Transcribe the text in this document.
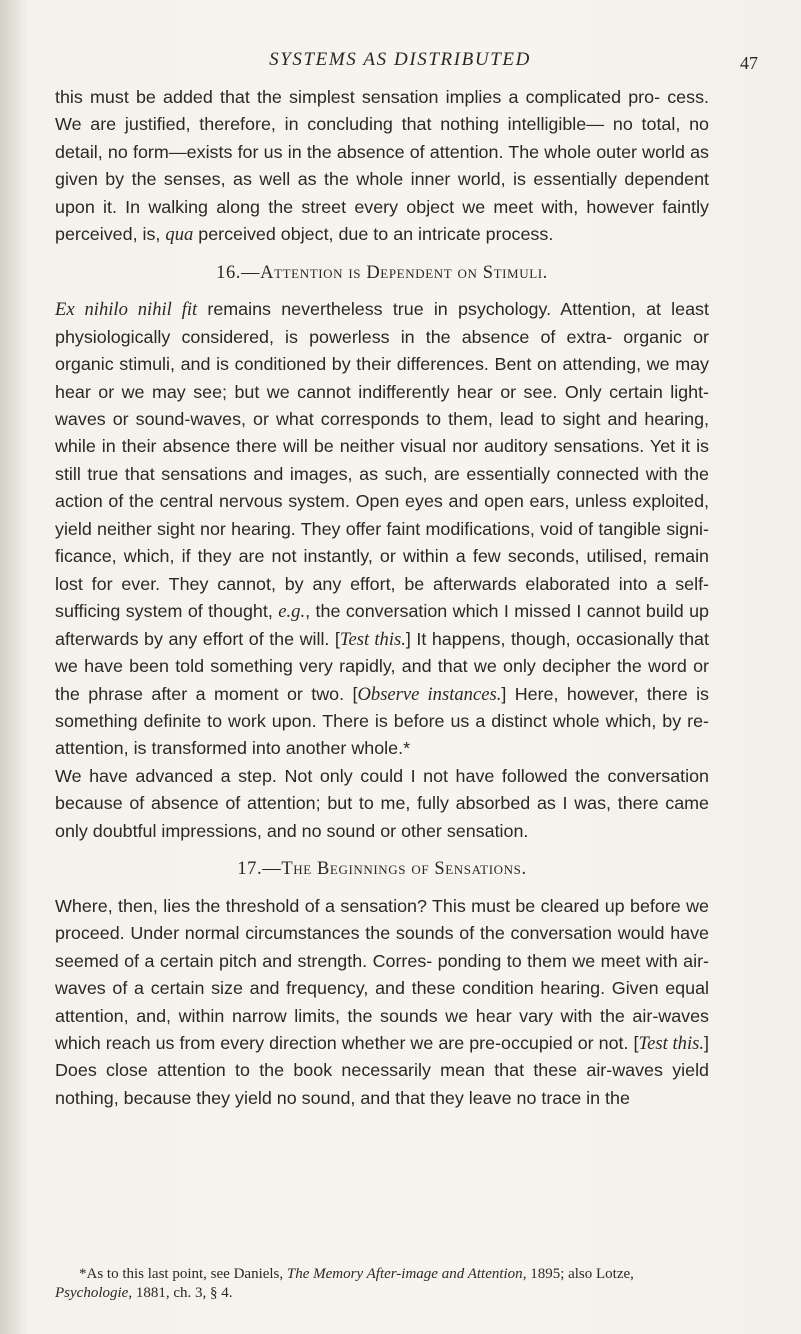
SYSTEMS AS DISTRIBUTED	47

this must be added that the simplest sensation implies a complicated pro- cess. We are justified, therefore, in concluding that nothing intelligible— no total, no detail, no form—exists for us in the absence of attention. The whole outer world as given by the senses, as well as the whole inner world, is essentially dependent upon it. In walking along the street every object we meet with, however faintly perceived, is, qua perceived object, due to an intricate process.

16.—Attention is Dependent on Stimuli.

Ex nihilo nihil fit remains nevertheless true in psychology. Attention, at least physiologically considered, is powerless in the absence of extra- organic or organic stimuli, and is conditioned by their differences. Bent on attending, we may hear or we may see; but we cannot indifferently hear or see. Only certain light-waves or sound-waves, or what corresponds to them, lead to sight and hearing, while in their absence there will be neither visual nor auditory sensations. Yet it is still true that sensations and images, as such, are essentially connected with the action of the central nervous system. Open eyes and open ears, unless exploited, yield neither sight nor hearing. They offer faint modifications, void of tangible signi- ficance, which, if they are not instantly, or within a few seconds, utilised, remain lost for ever. They cannot, by any effort, be afterwards elaborated into a self-sufficing system of thought, e.g., the conversation which I missed I cannot build up afterwards by any effort of the will. [Test this.] It happens, though, occasionally that we have been told something very rapidly, and that we only decipher the word or the phrase after a moment or two. [Observe instances.] Here, however, there is something definite to work upon. There is before us a distinct whole which, by re-attention, is transformed into another whole.*

We have advanced a step. Not only could I not have followed the conversation because of absence of attention; but to me, fully absorbed as I was, there came only doubtful impressions, and no sound or other sensation.

17.—The Beginnings of Sensations.

Where, then, lies the threshold of a sensation? This must be cleared up before we proceed. Under normal circumstances the sounds of the conversation would have seemed of a certain pitch and strength. Corres- ponding to them we meet with air-waves of a certain size and frequency, and these condition hearing. Given equal attention, and, within narrow limits, the sounds we hear vary with the air-waves which reach us from every direction whether we are pre-occupied or not. [Test this.] Does close attention to the book necessarily mean that these air-waves yield nothing, because they yield no sound, and that they leave no trace in the

*As to this last point, see Daniels, The Memory After-image and Attention, 1895; also Lotze, Psychologie, 1881, ch. 3, § 4.
